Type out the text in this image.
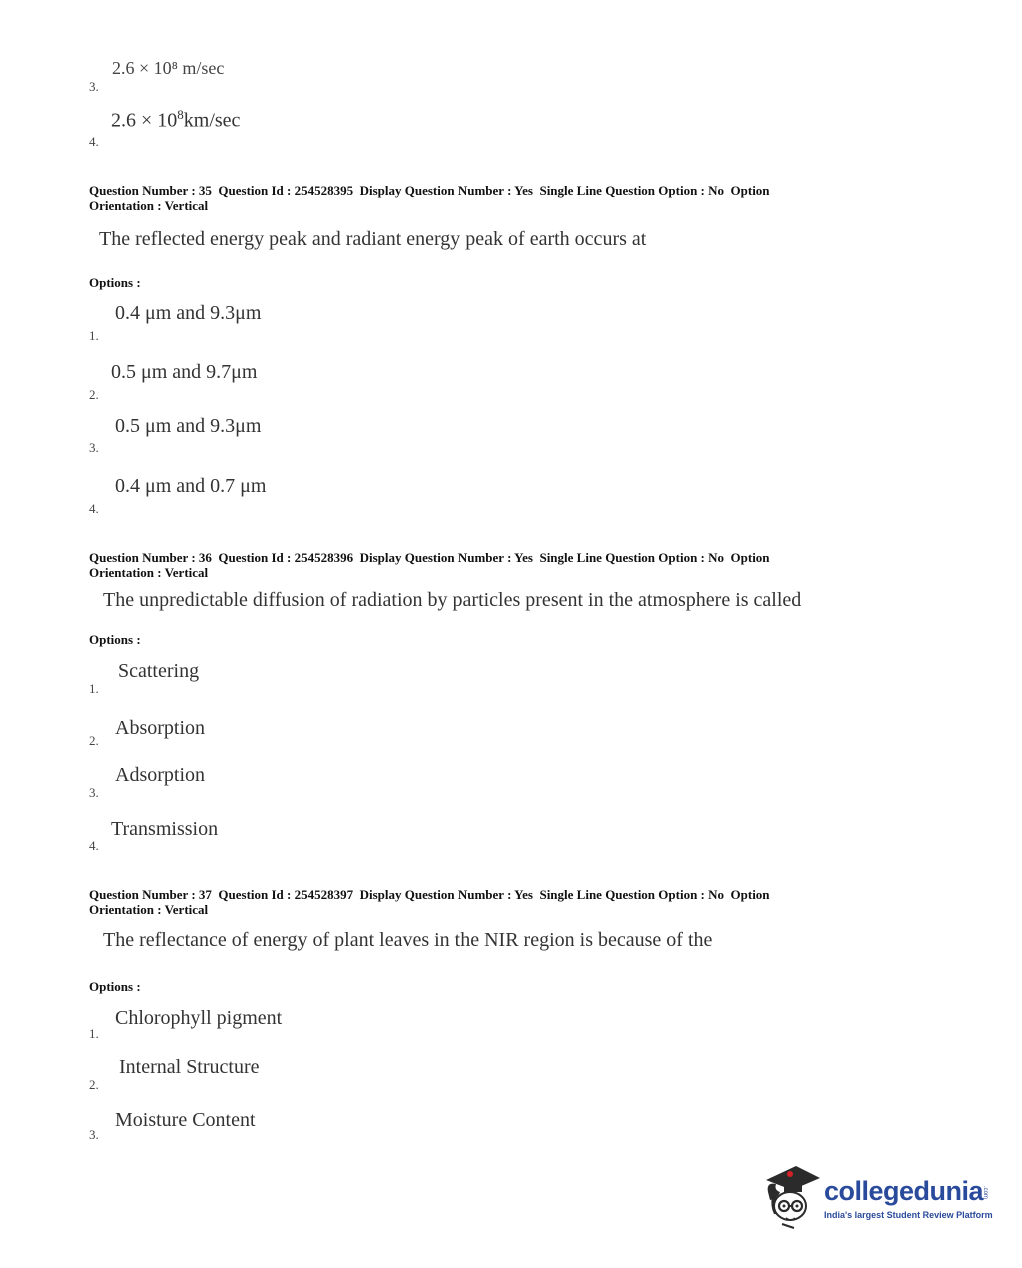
2.6 × 10⁸ m/sec
3.
$2.6 \times 10^8km/\sec$
4.
Question Number : 35  Question Id : 254528395  Display Question Number : Yes  Single Line Question Option : No  Option
Orientation : Vertical
The reflected energy peak and radiant energy peak of earth occurs at
Options :
0.4 μm and 9.3μm
1.
0.5 μm and 9.7μm
2.
0.5 μm and 9.3μm
3.
0.4 μm and 0.7 μm
4.
Question Number : 36  Question Id : 254528396  Display Question Number : Yes  Single Line Question Option : No  Option
Orientation : Vertical
The unpredictable diffusion of radiation by particles present in the atmosphere is called
Options :
Scattering
1.
Absorption
2.
Adsorption
3.
Transmission
4.
Question Number : 37  Question Id : 254528397  Display Question Number : Yes  Single Line Question Option : No  Option
Orientation : Vertical
The reflectance of energy of plant leaves in the NIR region is because of the
Options :
Chlorophyll pigment
1.
Internal Structure
2.
Moisture Content
3.
collegedunia
.com
India's largest Student Review Platform
